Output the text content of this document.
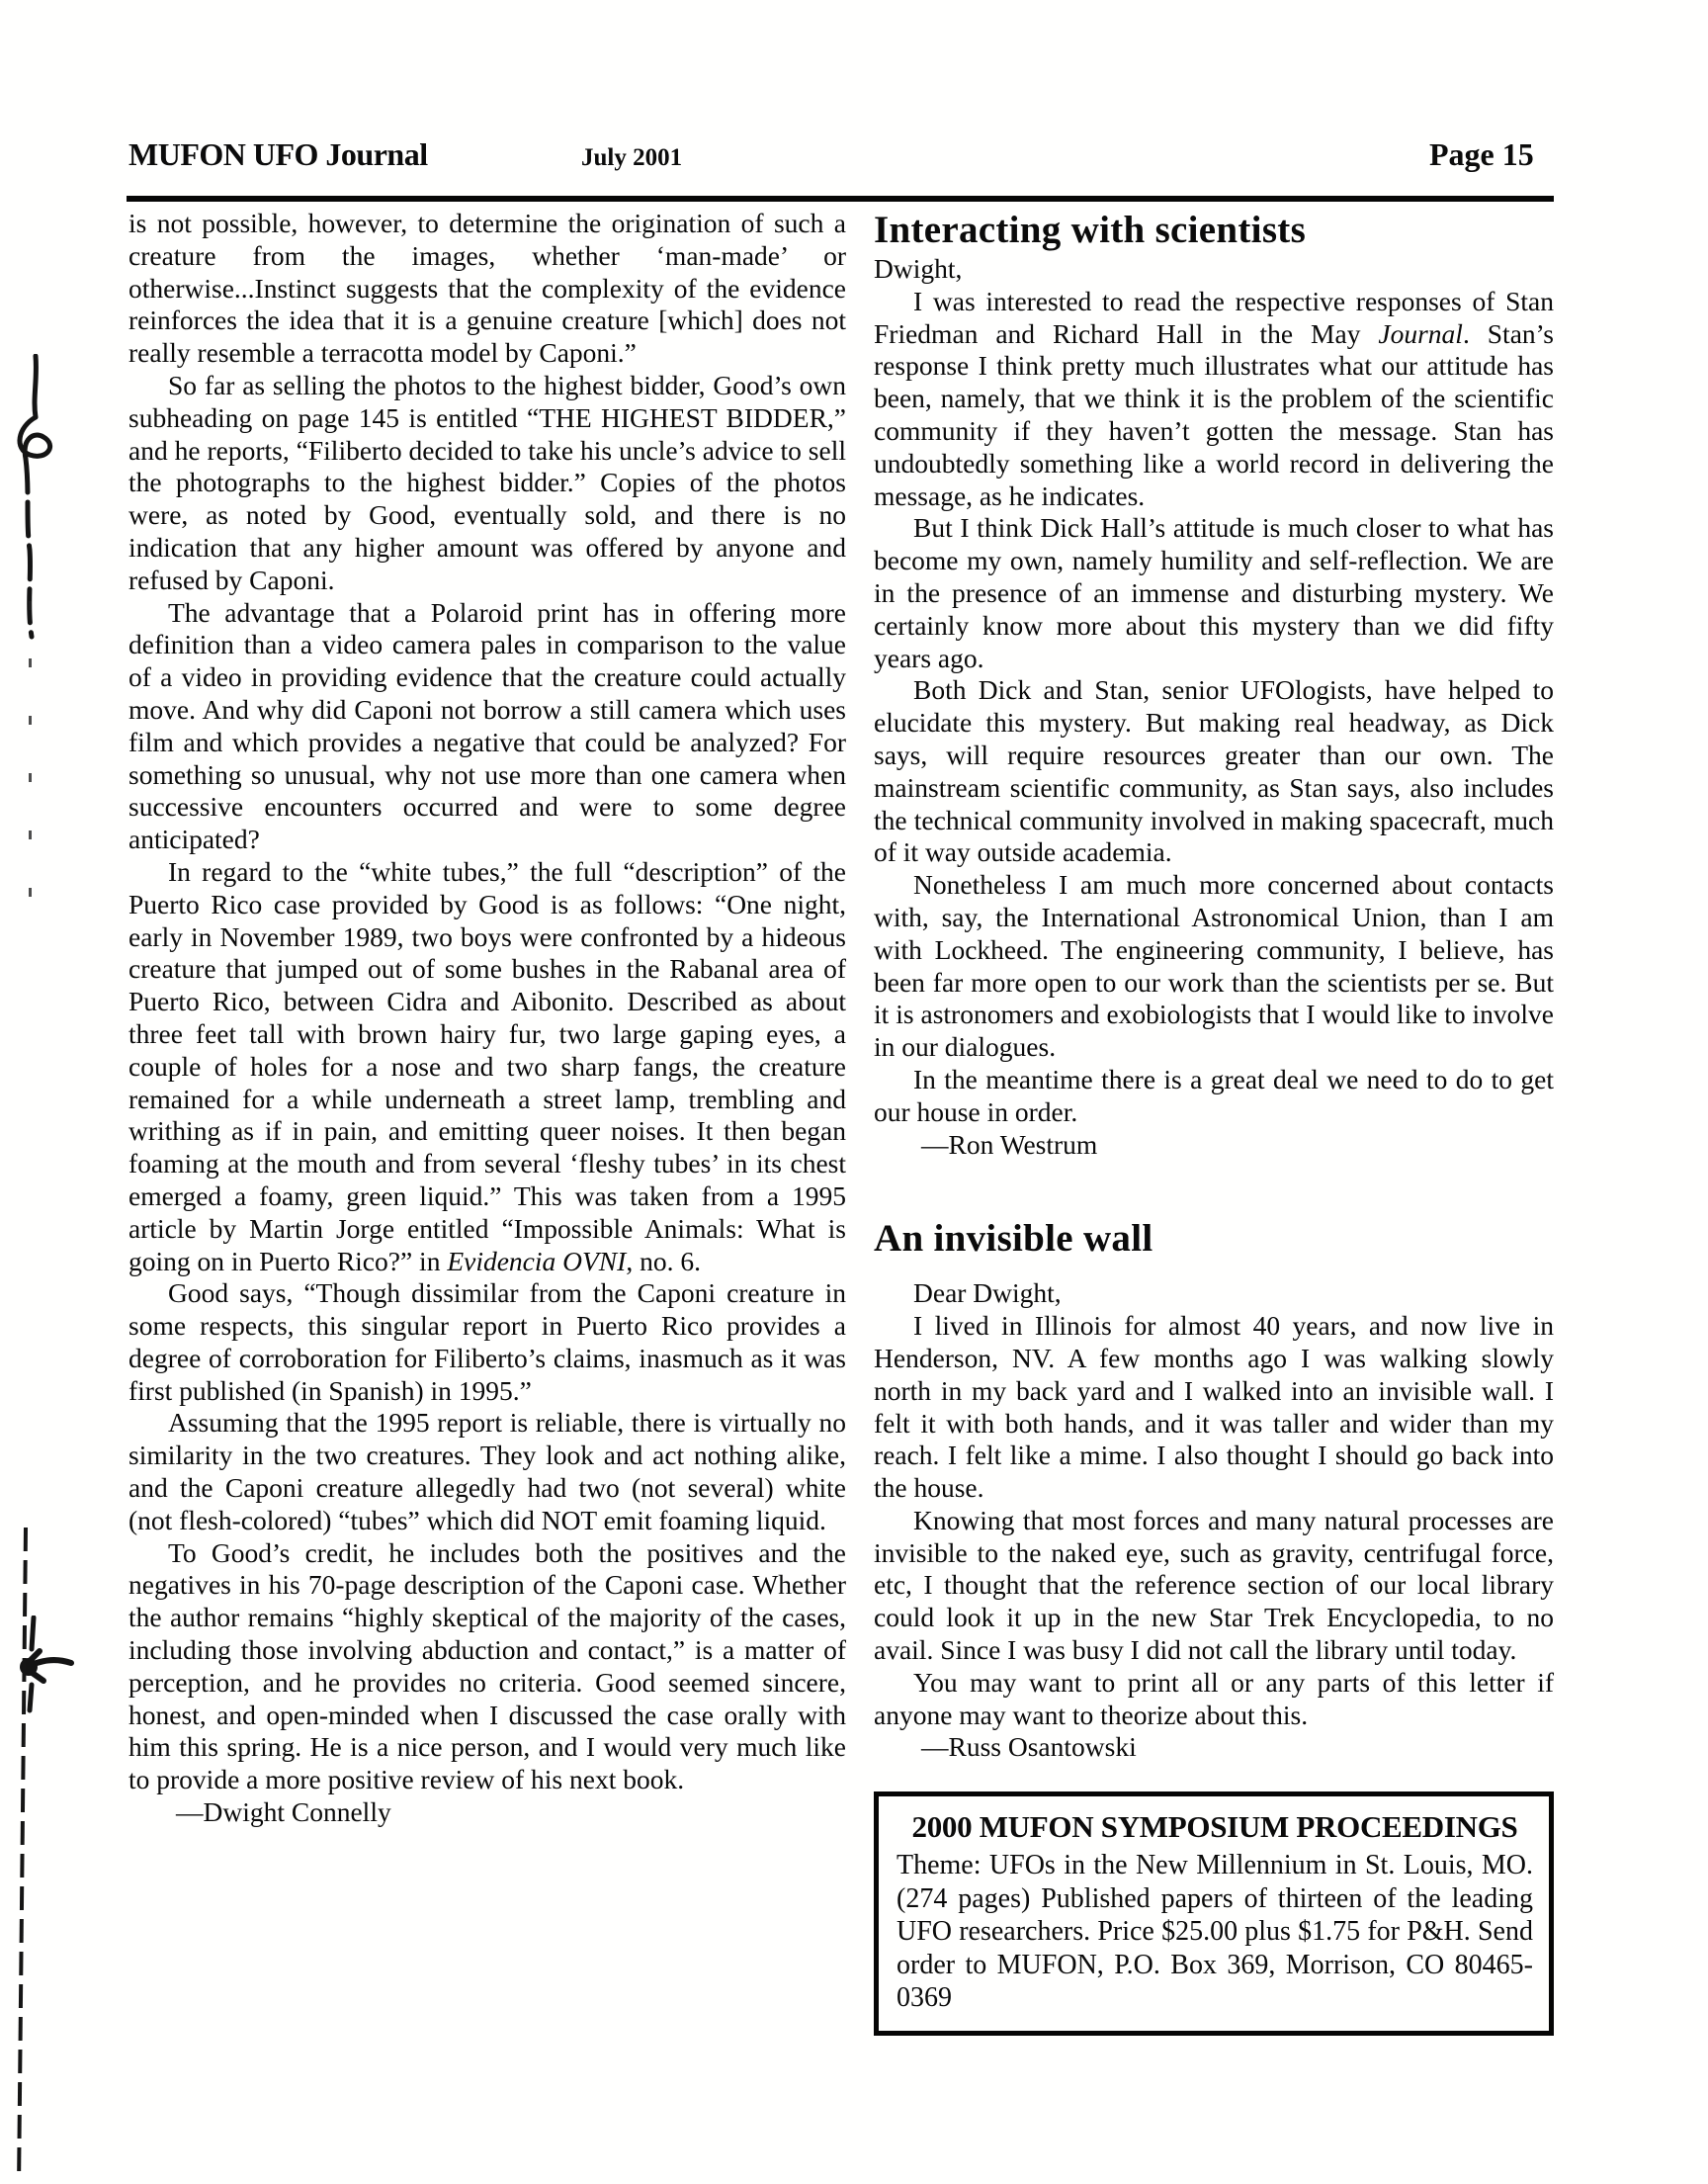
MUFON UFO Journal	July 2001	Page 15

is not possible, however, to determine the origination of such a creature from the images, whether ‘man-made’ or otherwise...Instinct suggests that the complexity of the evidence reinforces the idea that it is a genuine creature [which] does not really resemble a terracotta model by Caponi.”

So far as selling the photos to the highest bidder, Good’s own subheading on page 145 is entitled “THE HIGHEST BIDDER,” and he reports, “Filiberto decided to take his uncle’s advice to sell the photographs to the highest bidder.” Copies of the photos were, as noted by Good, eventually sold, and there is no indication that any higher amount was offered by anyone and refused by Caponi.

The advantage that a Polaroid print has in offering more definition than a video camera pales in comparison to the value of a video in providing evidence that the creature could actually move. And why did Caponi not borrow a still camera which uses film and which provides a negative that could be analyzed? For something so unusual, why not use more than one camera when successive encounters occurred and were to some degree anticipated?

In regard to the “white tubes,” the full “description” of the Puerto Rico case provided by Good is as follows: “One night, early in November 1989, two boys were confronted by a hideous creature that jumped out of some bushes in the Rabanal area of Puerto Rico, between Cidra and Aibonito. Described as about three feet tall with brown hairy fur, two large gaping eyes, a couple of holes for a nose and two sharp fangs, the creature remained for a while underneath a street lamp, trembling and writhing as if in pain, and emitting queer noises. It then began foaming at the mouth and from several ‘fleshy tubes’ in its chest emerged a foamy, green liquid.” This was taken from a 1995 article by Martin Jorge entitled “Impossible Animals: What is going on in Puerto Rico?” in Evidencia OVNI, no. 6.

Good says, “Though dissimilar from the Caponi creature in some respects, this singular report in Puerto Rico provides a degree of corroboration for Filiberto’s claims, inasmuch as it was first published (in Spanish) in 1995.”

Assuming that the 1995 report is reliable, there is virtually no similarity in the two creatures. They look and act nothing alike, and the Caponi creature allegedly had two (not several) white (not flesh-colored) “tubes” which did NOT emit foaming liquid.

To Good’s credit, he includes both the positives and the negatives in his 70-page description of the Caponi case. Whether the author remains “highly skeptical of the majority of the cases, including those involving abduction and contact,” is a matter of perception, and he provides no criteria. Good seemed sincere, honest, and open-minded when I discussed the case orally with him this spring. He is a nice person, and I would very much like to provide a more positive review of his next book.

—Dwight Connelly

Interacting with scientists

Dwight,

I was interested to read the respective responses of Stan Friedman and Richard Hall in the May Journal. Stan’s response I think pretty much illustrates what our attitude has been, namely, that we think it is the problem of the scientific community if they haven’t gotten the message. Stan has undoubtedly something like a world record in delivering the message, as he indicates.

But I think Dick Hall’s attitude is much closer to what has become my own, namely humility and self-reflection. We are in the presence of an immense and disturbing mystery. We certainly know more about this mystery than we did fifty years ago.

Both Dick and Stan, senior UFOlogists, have helped to elucidate this mystery. But making real headway, as Dick says, will require resources greater than our own. The mainstream scientific community, as Stan says, also includes the technical community involved in making spacecraft, much of it way outside academia.

Nonetheless I am much more concerned about contacts with, say, the International Astronomical Union, than I am with Lockheed. The engineering community, I believe, has been far more open to our work than the scientists per se. But it is astronomers and exobiologists that I would like to involve in our dialogues.

In the meantime there is a great deal we need to do to get our house in order.

—Ron Westrum

An invisible wall

Dear Dwight,

I lived in Illinois for almost 40 years, and now live in Henderson, NV. A few months ago I was walking slowly north in my back yard and I walked into an invisible wall. I felt it with both hands, and it was taller and wider than my reach. I felt like a mime. I also thought I should go back into the house.

Knowing that most forces and many natural processes are invisible to the naked eye, such as gravity, centrifugal force, etc, I thought that the reference section of our local library could look it up in the new Star Trek Encyclopedia, to no avail. Since I was busy I did not call the library until today.

You may want to print all or any parts of this letter if anyone may want to theorize about this.

—Russ Osantowski

2000 MUFON SYMPOSIUM PROCEEDINGS

Theme: UFOs in the New Millennium in St. Louis, MO. (274 pages) Published papers of thirteen of the leading UFO researchers. Price $25.00 plus $1.75 for P&H. Send order to MUFON, P.O. Box 369, Morrison, CO 80465-0369
